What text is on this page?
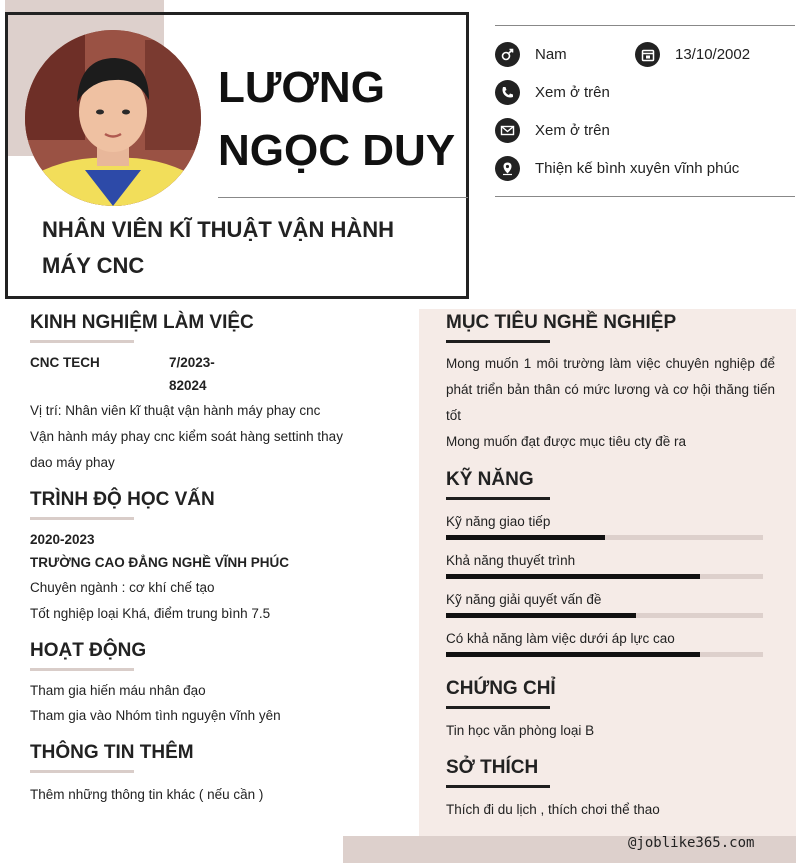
LƯƠNG
NGỌC DUY
NHÂN VIÊN KĨ THUẬT VẬN HÀNH
MÁY CNC
Nam	13/10/2002
Xem ở trên
Xem ở trên
Thiện kế bình xuyên vĩnh phúc
KINH NGHIỆM LÀM VIỆC
CNC TECH	7/2023-
82024
Vị trí: Nhân viên kĩ thuật vận hành máy phay cnc
Vận hành máy phay cnc kiểm soát hàng settinh thay
dao máy phay
TRÌNH ĐỘ HỌC VẤN
2020-2023
TRƯỜNG CAO ĐẲNG NGHỀ VĨNH PHÚC
Chuyên ngành : cơ khí chế tạo
Tốt nghiệp loại Khá, điểm trung bình 7.5
HOẠT ĐỘNG
Tham gia hiến máu nhân đạo
Tham gia vào Nhóm tình nguyện vĩnh yên
THÔNG TIN THÊM
Thêm những thông tin khác ( nếu cần )
MỤC TIÊU NGHỀ NGHIỆP
Mong muốn 1 môi trường làm việc chuyên nghiệp để phát triển bản thân có mức lương và cơ hội thăng tiến tốt
Mong muốn đạt được mục tiêu cty đề ra
KỸ NĂNG
Kỹ năng giao tiếp
Khả năng thuyết trình
Kỹ năng giải quyết vấn đề
Có khả năng làm việc dưới áp lực cao
CHỨNG CHỈ
Tin học văn phòng loại B
SỞ THÍCH
Thích đi du lịch , thích chơi thể thao
@joblike365.com
